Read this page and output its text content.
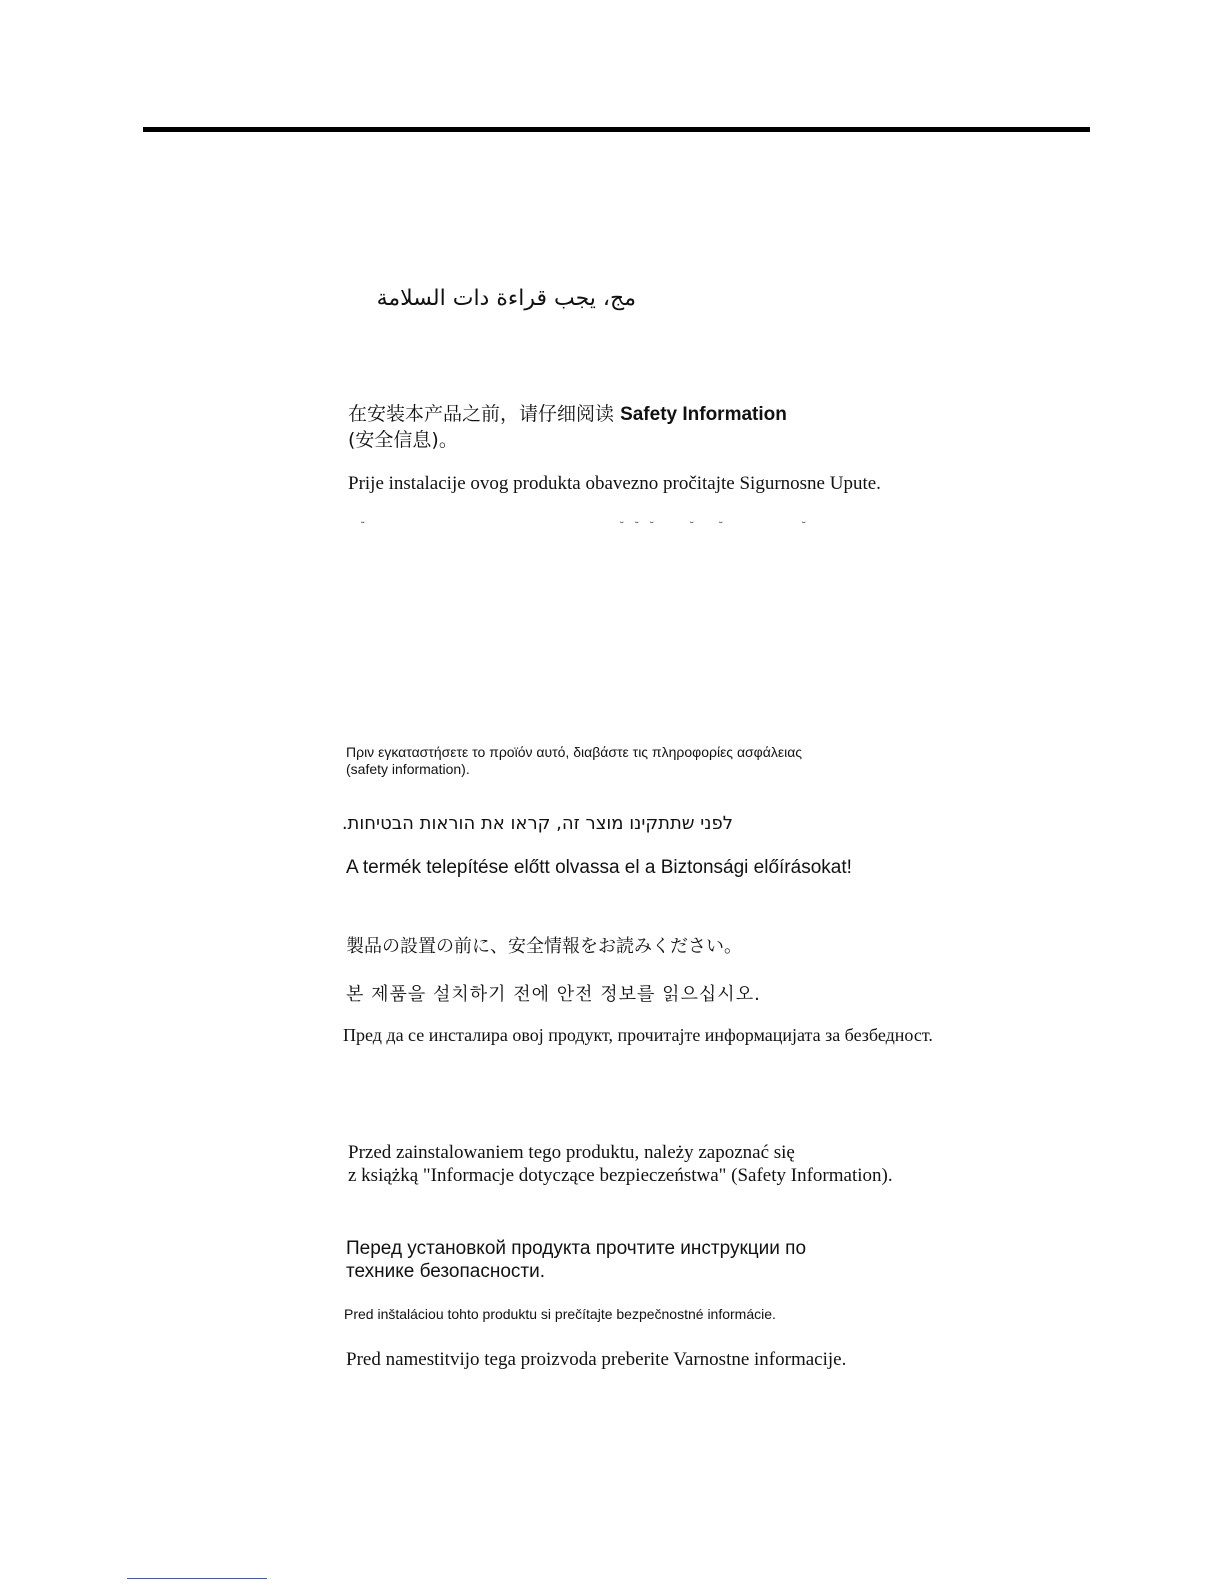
مج، يجب قراءة دات السلامة

在安装本产品之前，请仔细阅读 Safety Information

(安全信息)。

Prije instalacije ovog produkta obavezno pročitajte Sigurnosne Upute.

˘	˘ ˘ ˘	˘ ˘	˘

Πριν εγκαταστήσετε το προϊόν αυτό, διαβάστε τις πληροφορίες ασφάλειας

(safety information).

לפני שתתקינו מוצר זה, קראו את הוראות הבטיחות.

A termék telepítése előtt olvassa el a Biztonsági előírásokat!

製品の設置の前に、安全情報をお読みください。

본 제품을 설치하기 전에 안전 정보를 읽으십시오.

Пред да се инсталира овој продукт, прочитајте информацијата за безбедност.

Przed zainstalowaniem tego produktu, należy zapoznać się

z książką "Informacje dotyczące bezpieczeństwa" (Safety Information).

Перед установкой продукта прочтите инструкции по

технике безопасности.

Pred inštaláciou tohto produktu si prečítajte bezpečnostné informácie.

Pred namestitvijo tega proizvoda preberite Varnostne informacije.
